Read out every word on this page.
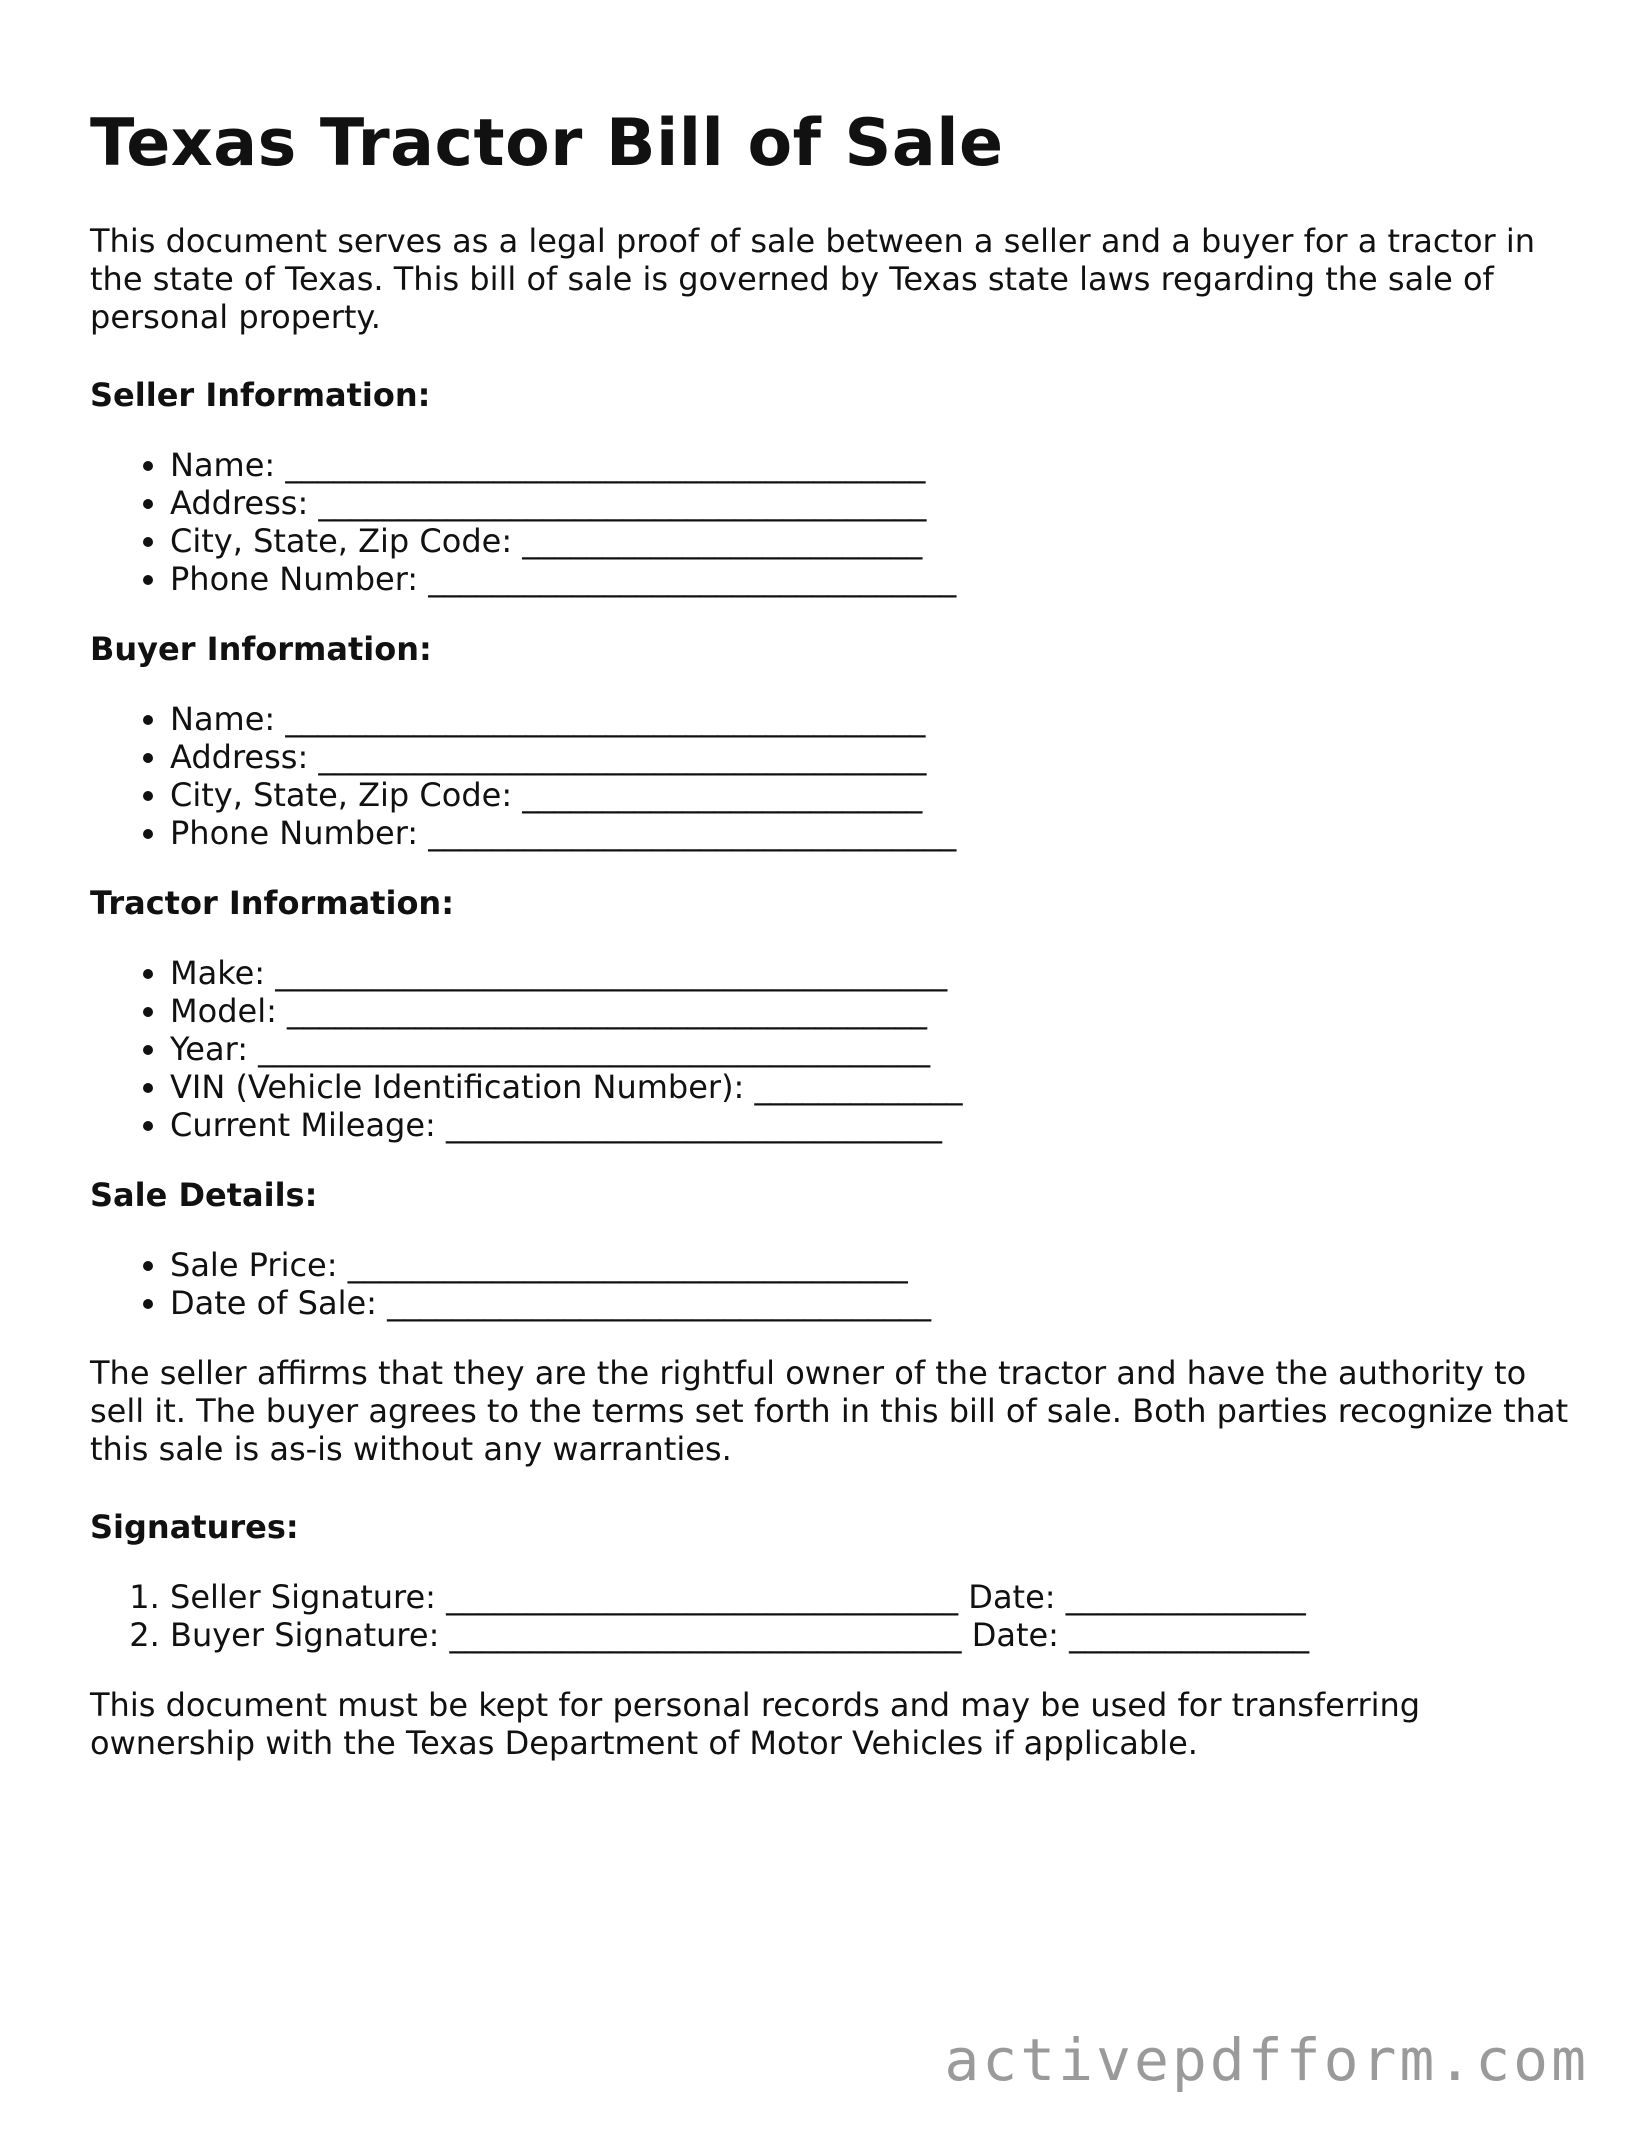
Texas Tractor Bill of Sale

This document serves as a legal proof of sale between a seller and a buyer for a tractor in the state of Texas. This bill of sale is governed by Texas state laws regarding the sale of personal property.

Seller Information:
• Name: ________________________________________
• Address: ______________________________________
• City, State, Zip Code: _________________________
• Phone Number: _________________________________
Buyer Information:
• Name: ________________________________________
• Address: ______________________________________
• City, State, Zip Code: _________________________
• Phone Number: _________________________________
Tractor Information:
• Make: __________________________________________
• Model: ________________________________________
• Year: __________________________________________
• VIN (Vehicle Identification Number): _____________
• Current Mileage: _______________________________
Sale Details:
• Sale Price: ___________________________________
• Date of Sale: __________________________________

The seller affirms that they are the rightful owner of the tractor and have the authority to sell it. The buyer agrees to the terms set forth in this bill of sale. Both parties recognize that this sale is as-is without any warranties.

Signatures:
1. Seller Signature: ________________________________ Date: _______________
2. Buyer Signature: ________________________________ Date: _______________

This document must be kept for personal records and may be used for transferring ownership with the Texas Department of Motor Vehicles if applicable.

activepdfform.com
